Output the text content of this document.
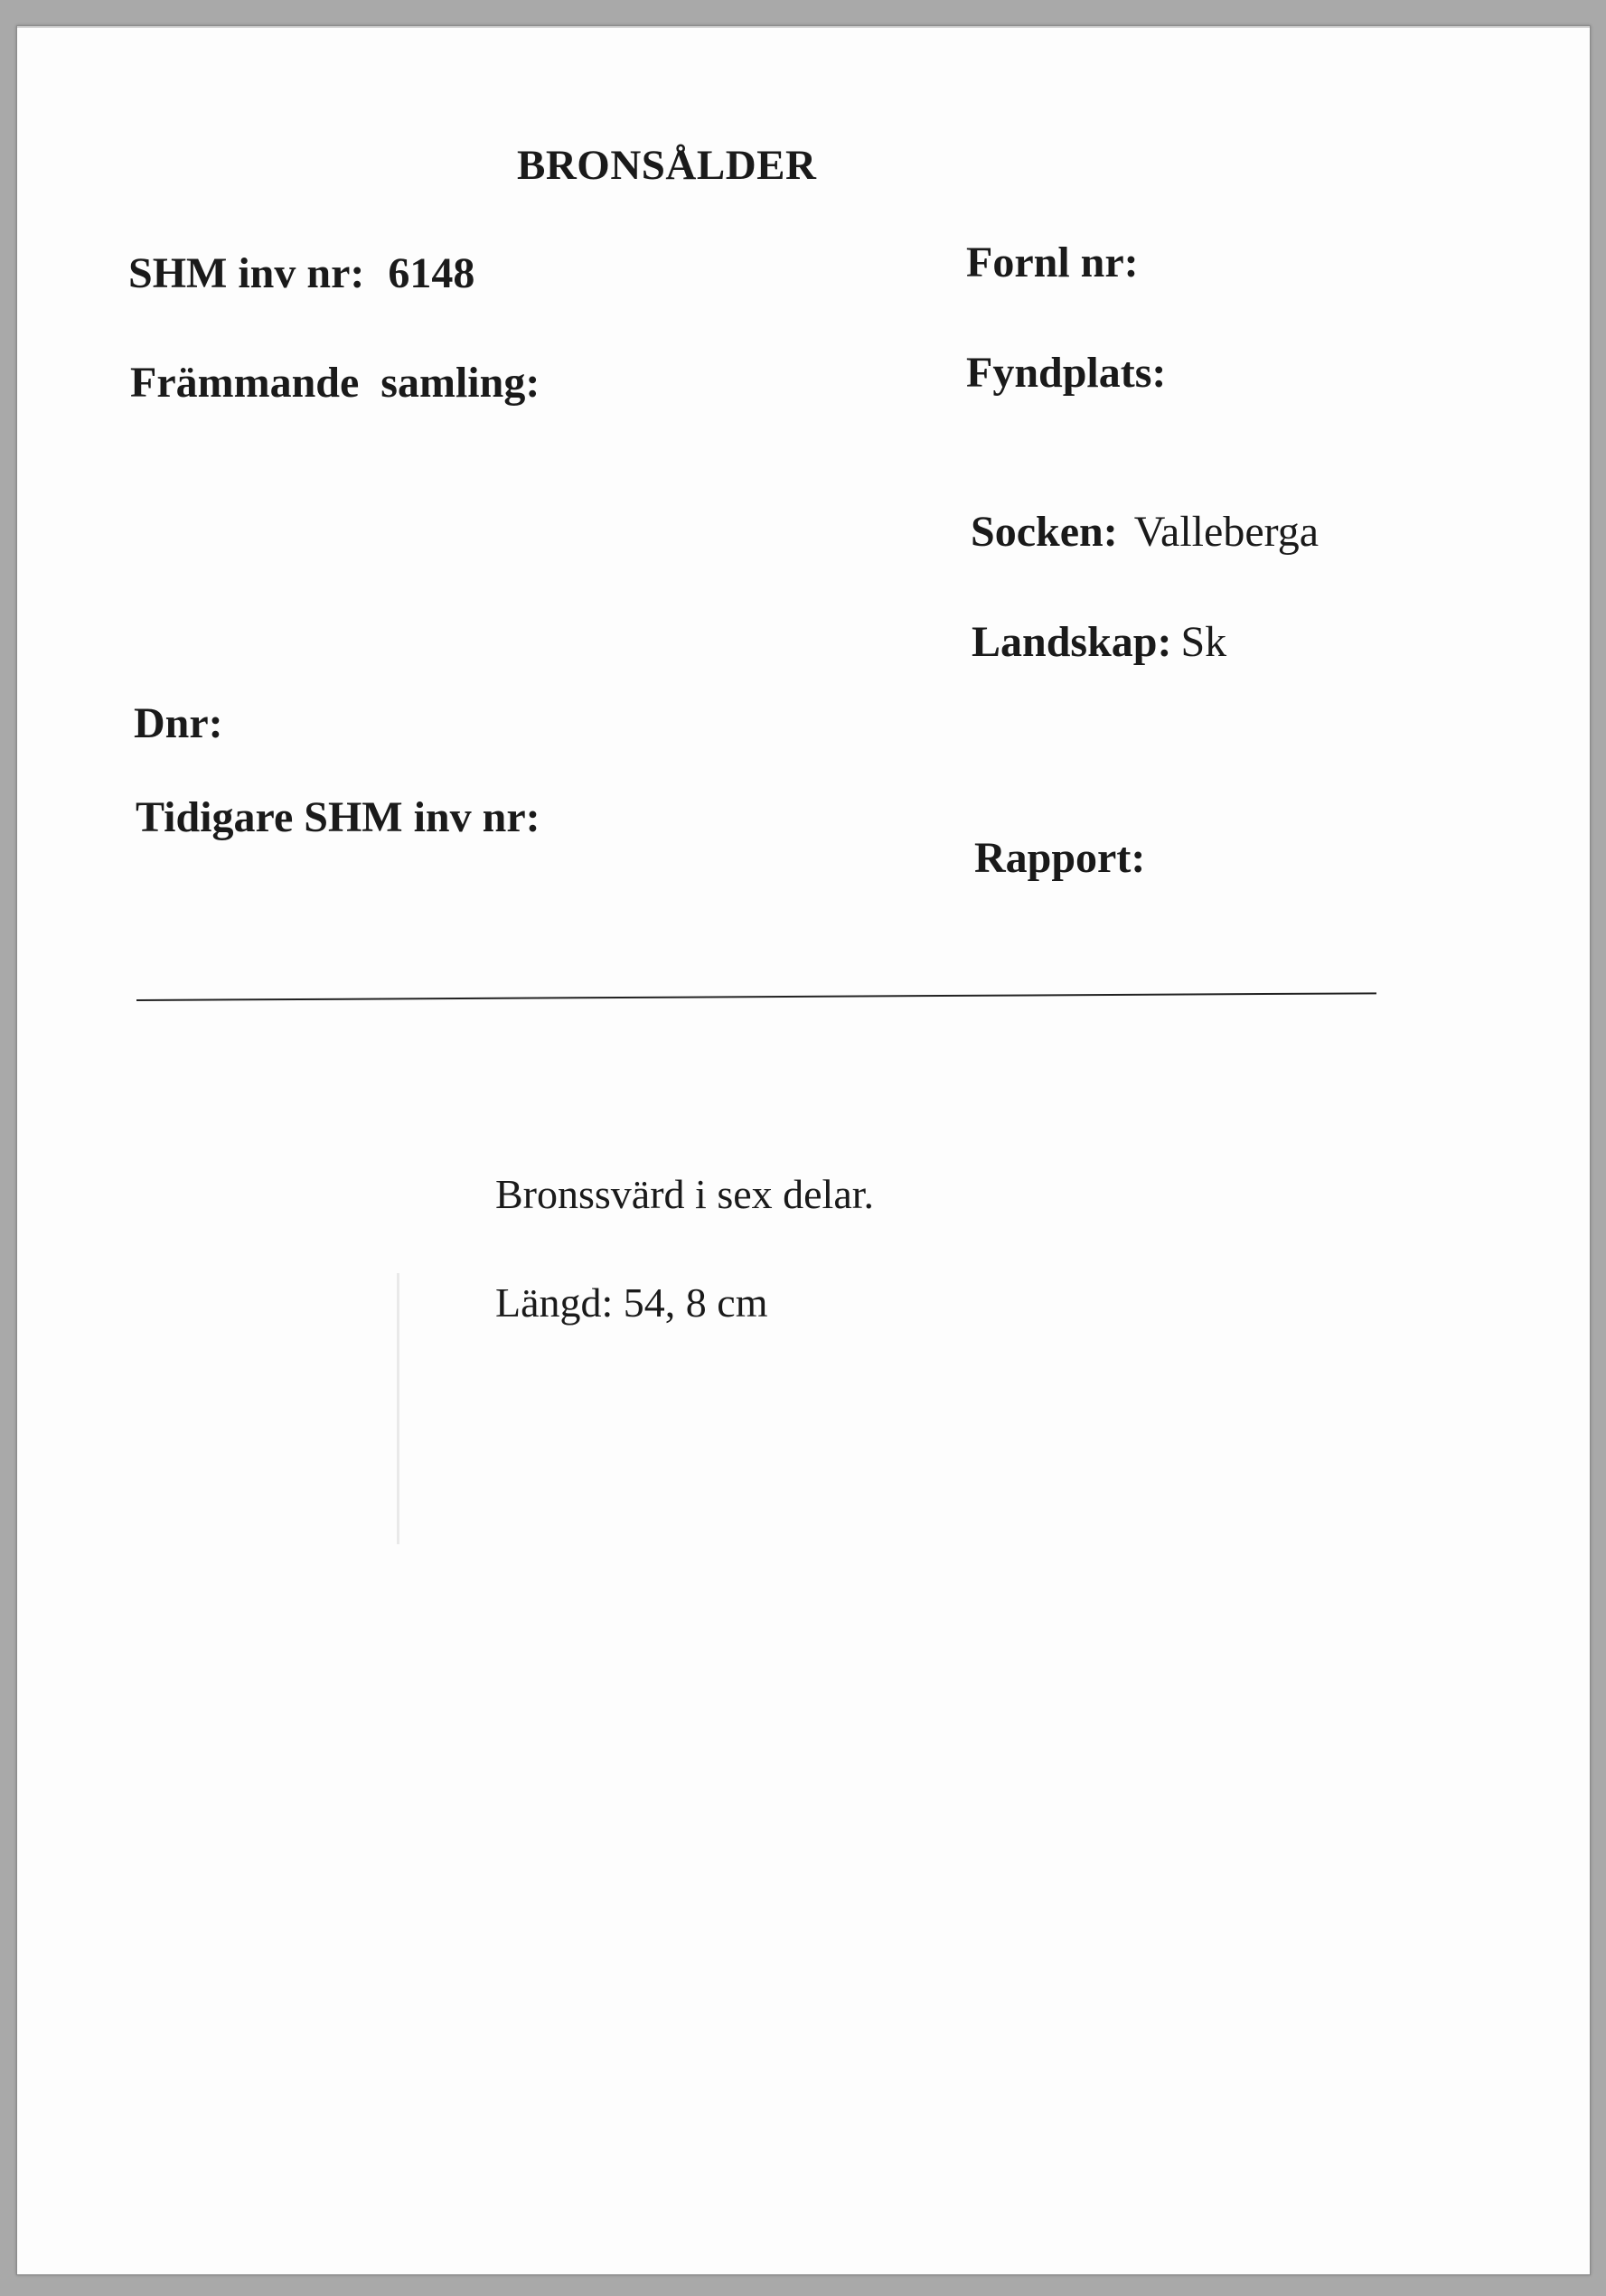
BRONSÅLDER
SHM inv nr: 6148
Främmande  samling:
Dnr:
Tidigare SHM inv nr:
Fornl nr:
Fyndplats:
Socken: Valleberga
Landskap: Sk
Rapport:
Bronssvärd i sex delar.
Längd: 54, 8 cm
